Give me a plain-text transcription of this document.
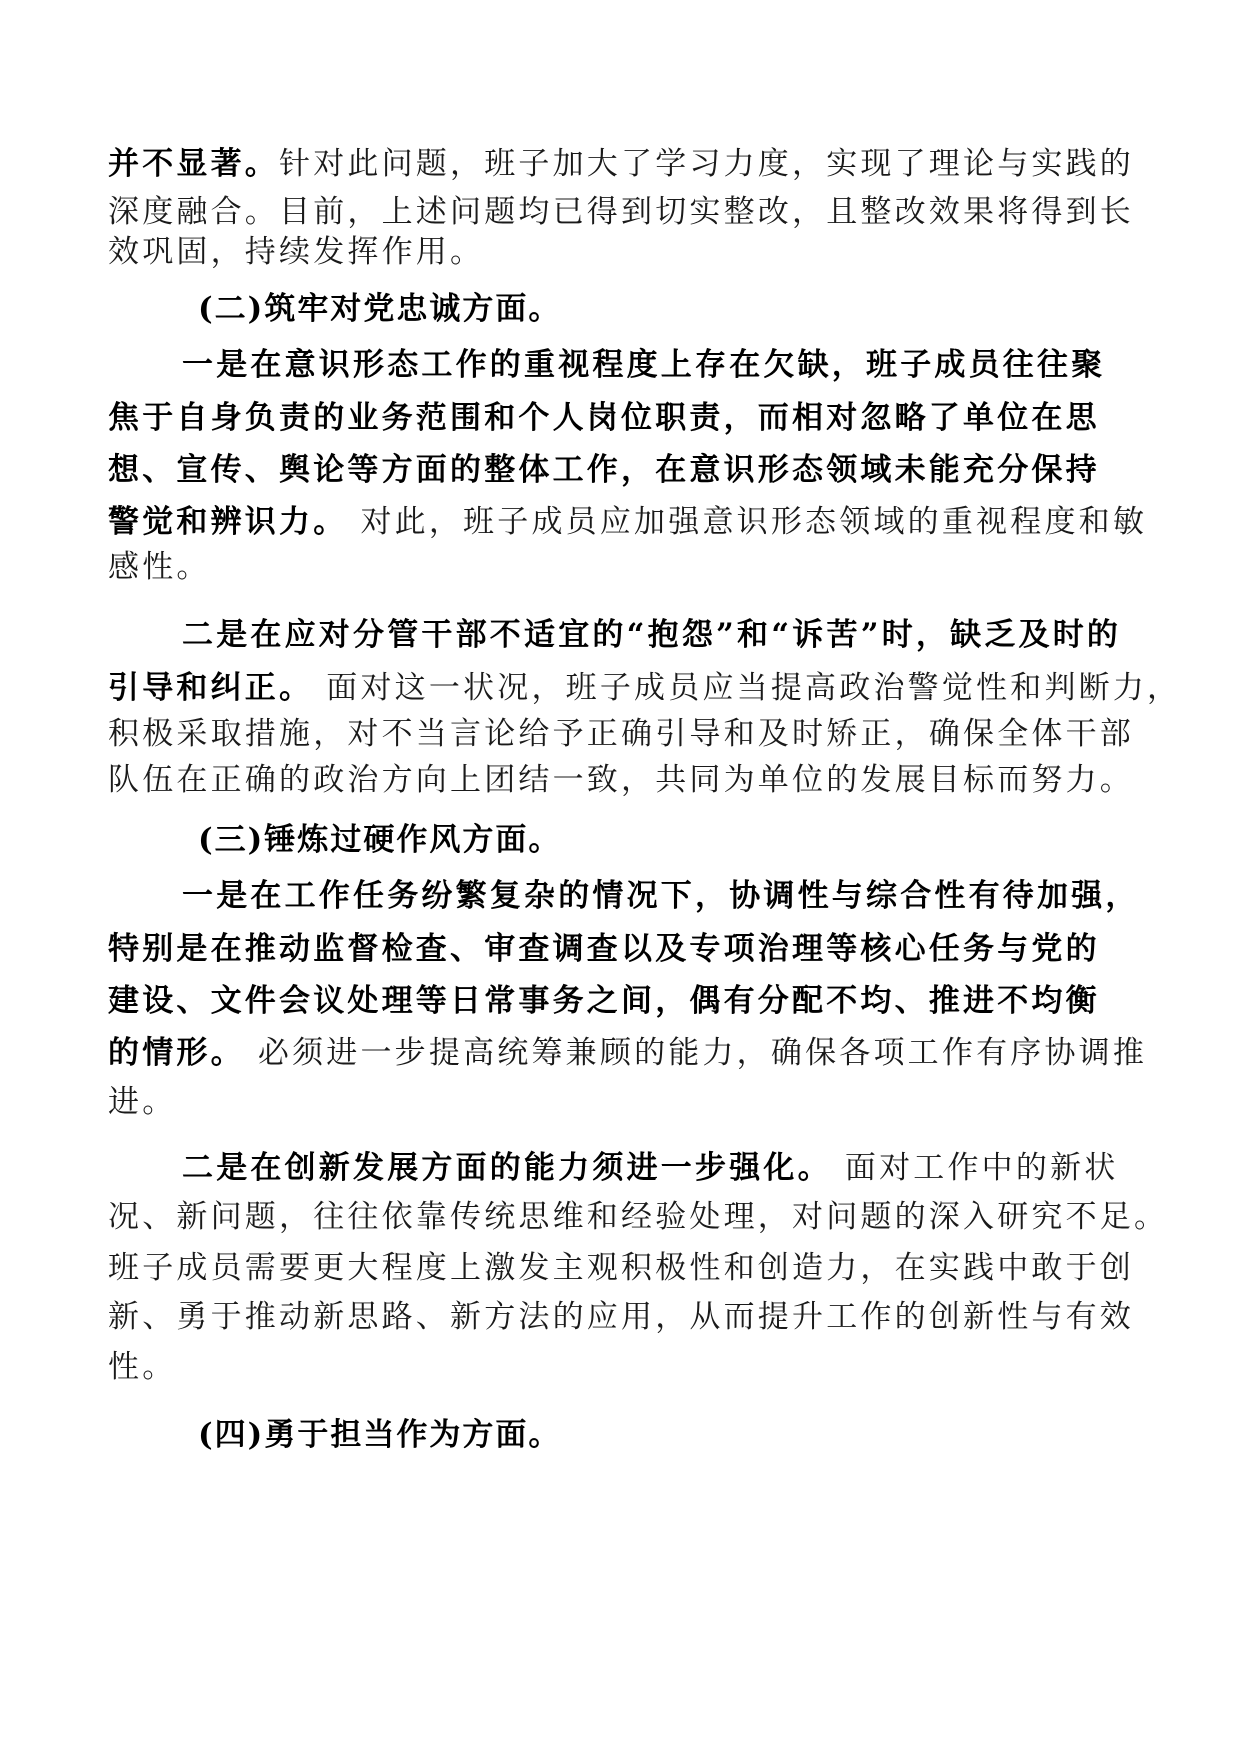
并不显著。针对此问题，班子加大了学习力度，实现了理论与实践的
深度融合。目前，上述问题均已得到切实整改，且整改效果将得到长
效巩固，持续发挥作用。
(二)筑牢对党忠诚方面。
一是在意识形态工作的重视程度上存在欠缺，班子成员往往聚
焦于自身负责的业务范围和个人岗位职责，而相对忽略了单位在思
想、宣传、舆论等方面的整体工作，在意识形态领域未能充分保持
警觉和辨识力。 对此，班子成员应加强意识形态领域的重视程度和敏
感性。
二是在应对分管干部不适宜的“抱怨”和“诉苦”时，缺乏及时的
引导和纠正。 面对这一状况，班子成员应当提高政治警觉性和判断力，
积极采取措施，对不当言论给予正确引导和及时矫正，确保全体干部
队伍在正确的政治方向上团结一致，共同为单位的发展目标而努力。
(三)锤炼过硬作风方面。
一是在工作任务纷繁复杂的情况下，协调性与综合性有待加强，
特别是在推动监督检查、审查调查以及专项治理等核心任务与党的
建设、文件会议处理等日常事务之间，偶有分配不均、推进不均衡
的情形。 必须进一步提高统筹兼顾的能力，确保各项工作有序协调推
进。
二是在创新发展方面的能力须进一步强化。 面对工作中的新状
况、新问题，往往依靠传统思维和经验处理，对问题的深入研究不足。
班子成员需要更大程度上激发主观积极性和创造力，在实践中敢于创
新、勇于推动新思路、新方法的应用，从而提升工作的创新性与有效
性。
(四)勇于担当作为方面。
